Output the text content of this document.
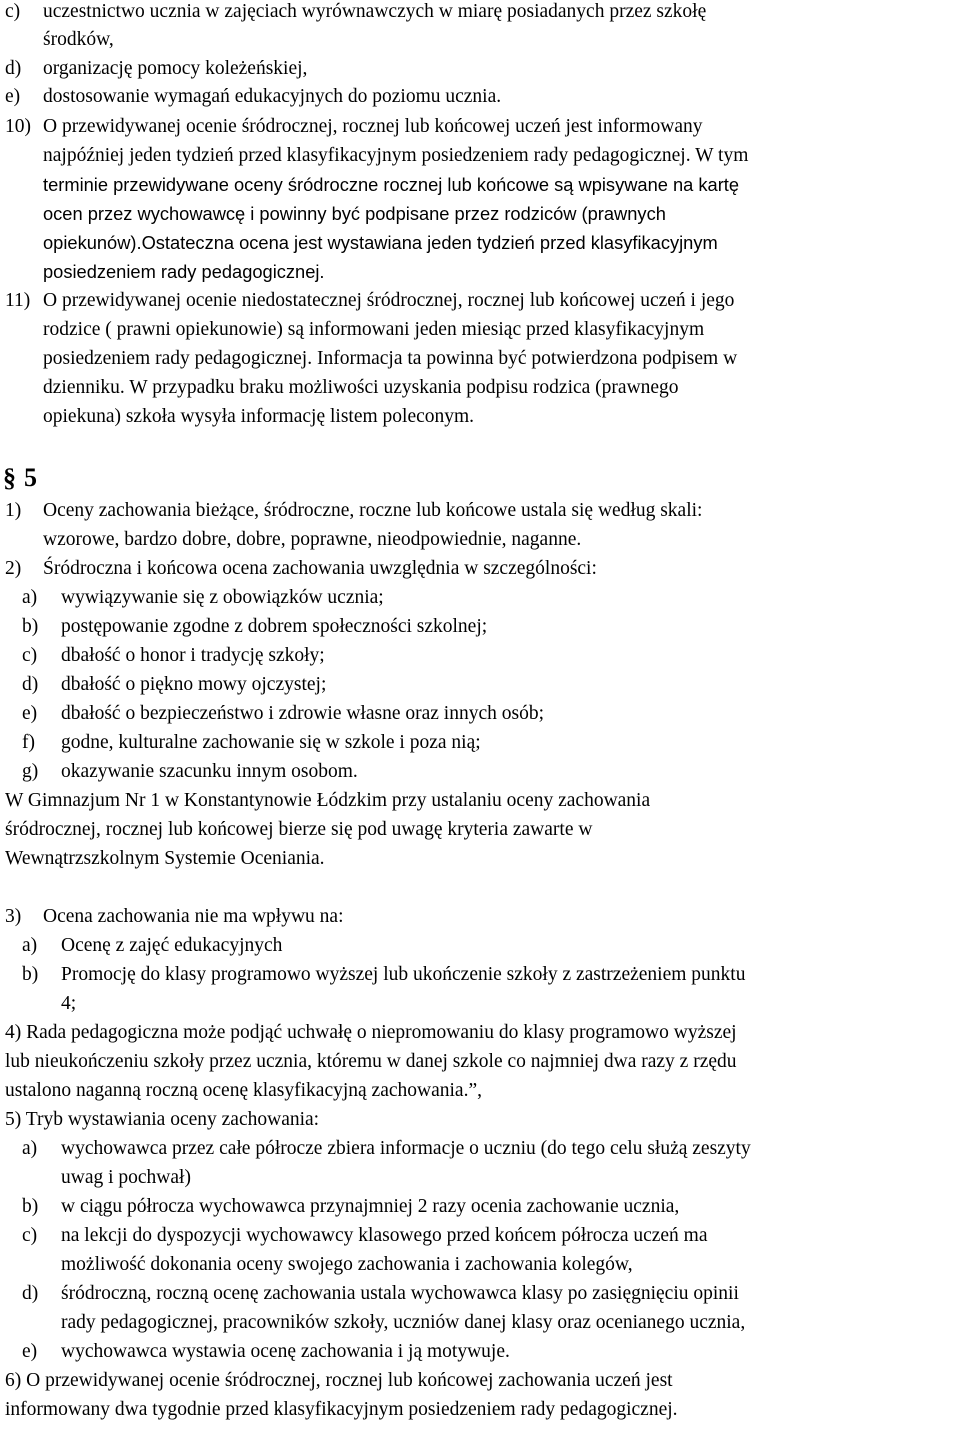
c) uczestnictwo ucznia w zajęciach wyrównawczych w miarę posiadanych przez szkołę
środków,
d) organizację pomocy koleżeńskiej,
e) dostosowanie wymagań edukacyjnych do poziomu ucznia.
10) O przewidywanej ocenie śródrocznej, rocznej lub końcowej uczeń jest informowany
najpóźniej jeden tydzień przed klasyfikacyjnym posiedzeniem rady pedagogicznej. W tym
terminie przewidywane oceny śródroczne rocznej lub końcowe są wpisywane na kartę
ocen przez wychowawcę i powinny być podpisane przez rodziców (prawnych
opiekunów).Ostateczna ocena jest wystawiana jeden tydzień przed klasyfikacyjnym
posiedzeniem rady pedagogicznej.
11) O przewidywanej ocenie niedostatecznej śródrocznej, rocznej lub końcowej uczeń i jego
rodzice ( prawni opiekunowie) są informowani jeden miesiąc przed klasyfikacyjnym
posiedzeniem rady pedagogicznej. Informacja ta powinna być potwierdzona podpisem w
dzienniku. W przypadku braku możliwości uzyskania podpisu rodzica (prawnego
opiekuna) szkoła wysyła informację listem poleconym.
§ 5
1) Oceny zachowania bieżące, śródroczne, roczne lub końcowe ustala się według skali:
wzorowe, bardzo dobre, dobre, poprawne, nieodpowiednie, naganne.
2) Śródroczna i końcowa ocena zachowania uwzględnia w szczególności:
a) wywiązywanie się z obowiązków ucznia;
b) postępowanie zgodne z dobrem społeczności szkolnej;
c) dbałość o honor i tradycję szkoły;
d) dbałość o piękno mowy ojczystej;
e) dbałość o bezpieczeństwo i zdrowie własne oraz innych osób;
f) godne, kulturalne zachowanie się w szkole i poza nią;
g) okazywanie szacunku innym osobom.
W Gimnazjum Nr 1 w Konstantynowie Łódzkim przy ustalaniu oceny zachowania
śródrocznej, rocznej lub końcowej bierze się pod uwagę kryteria zawarte w
Wewnątrzszkolnym Systemie Oceniania.
3) Ocena zachowania nie ma wpływu na:
a) Ocenę z zajęć edukacyjnych
b) Promocję do klasy programowo wyższej lub ukończenie szkoły z zastrzeżeniem punktu
4;
4) Rada pedagogiczna może podjąć uchwałę o niepromowaniu do klasy programowo wyższej
lub nieukończeniu szkoły przez ucznia, któremu w danej szkole co najmniej dwa razy z rzędu
ustalono naganną roczną ocenę klasyfikacyjną zachowania.”,
5) Tryb wystawiania oceny zachowania:
a) wychowawca przez całe półrocze zbiera informacje o uczniu (do tego celu służą zeszyty
uwag i pochwał)
b) w ciągu półrocza wychowawca przynajmniej 2 razy ocenia zachowanie ucznia,
c) na lekcji do dyspozycji wychowawcy klasowego przed końcem półrocza uczeń ma
możliwość dokonania oceny swojego zachowania i zachowania kolegów,
d) śródroczną, roczną ocenę zachowania ustala wychowawca klasy po zasięgnięciu opinii
rady pedagogicznej, pracowników szkoły, uczniów danej klasy oraz ocenianego ucznia,
e) wychowawca wystawia ocenę zachowania i ją motywuje.
6) O przewidywanej ocenie śródrocznej, rocznej lub końcowej zachowania uczeń jest
informowany dwa tygodnie przed klasyfikacyjnym posiedzeniem rady pedagogicznej.
